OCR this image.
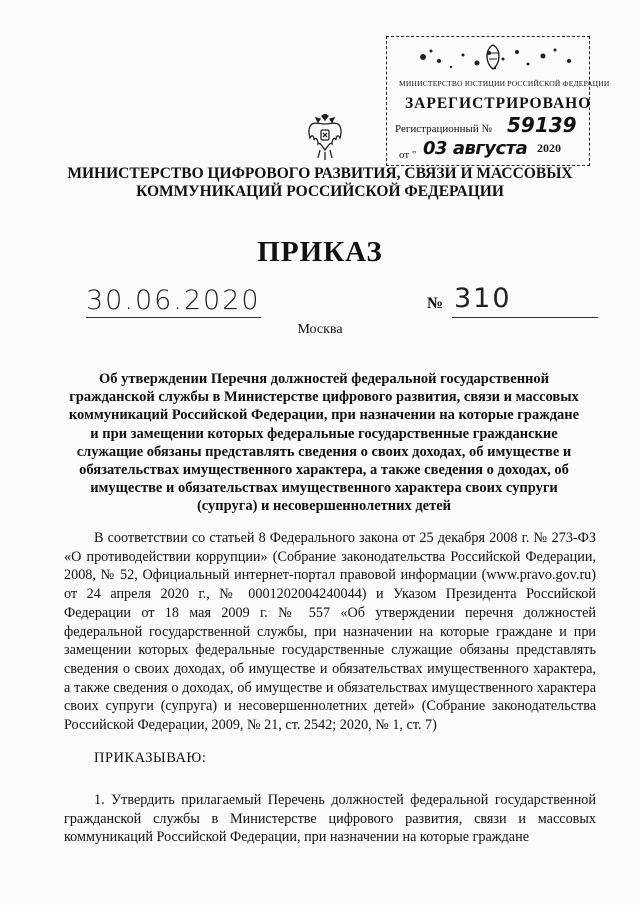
МИНИСТЕРСТВО ЮСТИЦИИ РОССИЙСКОЙ ФЕДЕРАЦИИ
ЗАРЕГИСТРИРОВАНО
Регистрационный № 59139
от " 03 августа 2020
МИНИСТЕРСТВО ЦИФРОВОГО РАЗВИТИЯ, СВЯЗИ И МАССОВЫХ
КОММУНИКАЦИЙ РОССИЙСКОЙ ФЕДЕРАЦИИ
ПРИКАЗ
30.06.2020	№ 310
Москва
Об утверждении Перечня должностей федеральной государственной гражданской службы в Министерстве цифрового развития, связи и массовых коммуникаций Российской Федерации, при назначении на которые граждане и при замещении которых федеральные государственные гражданские служащие обязаны представлять сведения о своих доходах, об имуществе и обязательствах имущественного характера, а также сведения о доходах, об имуществе и обязательствах имущественного характера своих супруги (супруга) и несовершеннолетних детей
В соответствии со статьей 8 Федерального закона от 25 декабря 2008 г. № 273-ФЗ «О противодействии коррупции» (Собрание законодательства Российской Федерации, 2008, № 52, Официальный интернет-портал правовой информации (www.pravo.gov.ru) от 24 апреля 2020 г., № 0001202004240044) и Указом Президента Российской Федерации от 18 мая 2009 г. № 557 «Об утверждении перечня должностей федеральной государственной службы, при назначении на которые граждане и при замещении которых федеральные государственные служащие обязаны представлять сведения о своих доходах, об имуществе и обязательствах имущественного характера, а также сведения о доходах, об имуществе и обязательствах имущественного характера своих супруги (супруга) и несовершеннолетних детей» (Собрание законодательства Российской Федерации, 2009, № 21, ст. 2542; 2020, № 1, ст. 7)
ПРИКАЗЫВАЮ:
1. Утвердить прилагаемый Перечень должностей федеральной государственной гражданской службы в Министерстве цифрового развития, связи и массовых коммуникаций Российской Федерации, при назначении на которые граждане
